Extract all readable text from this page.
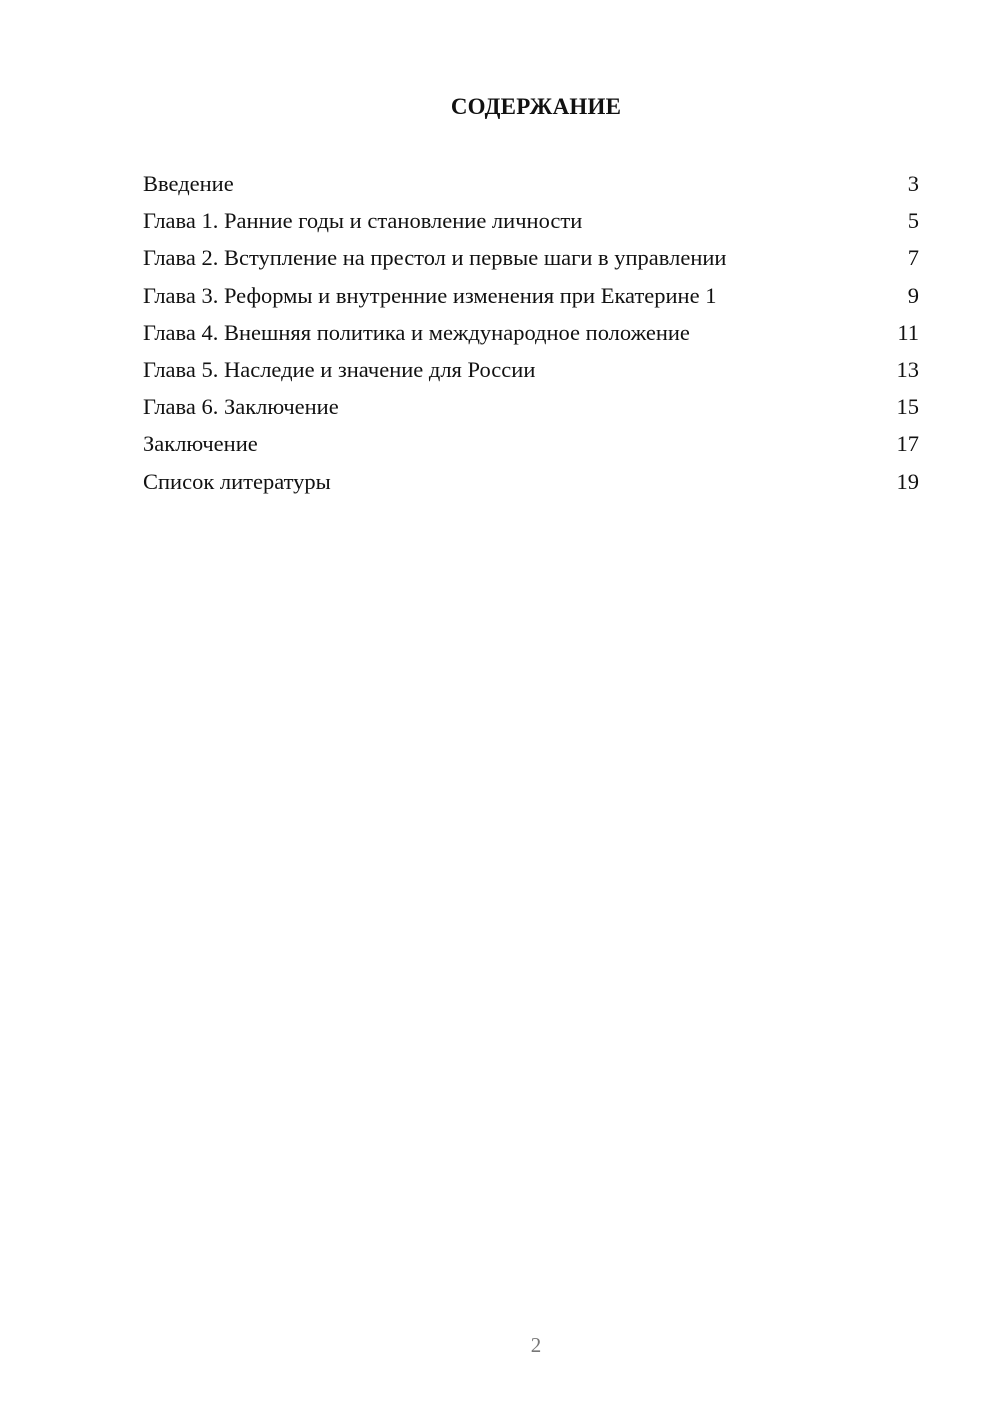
СОДЕРЖАНИЕ
Введение	3
Глава 1. Ранние годы и становление личности	5
Глава 2. Вступление на престол и первые шаги в управлении	7
Глава 3. Реформы и внутренние изменения при Екатерине 1	9
Глава 4. Внешняя политика и международное положение	11
Глава 5. Наследие и значение для России	13
Глава 6. Заключение	15
Заключение	17
Список литературы	19
2
